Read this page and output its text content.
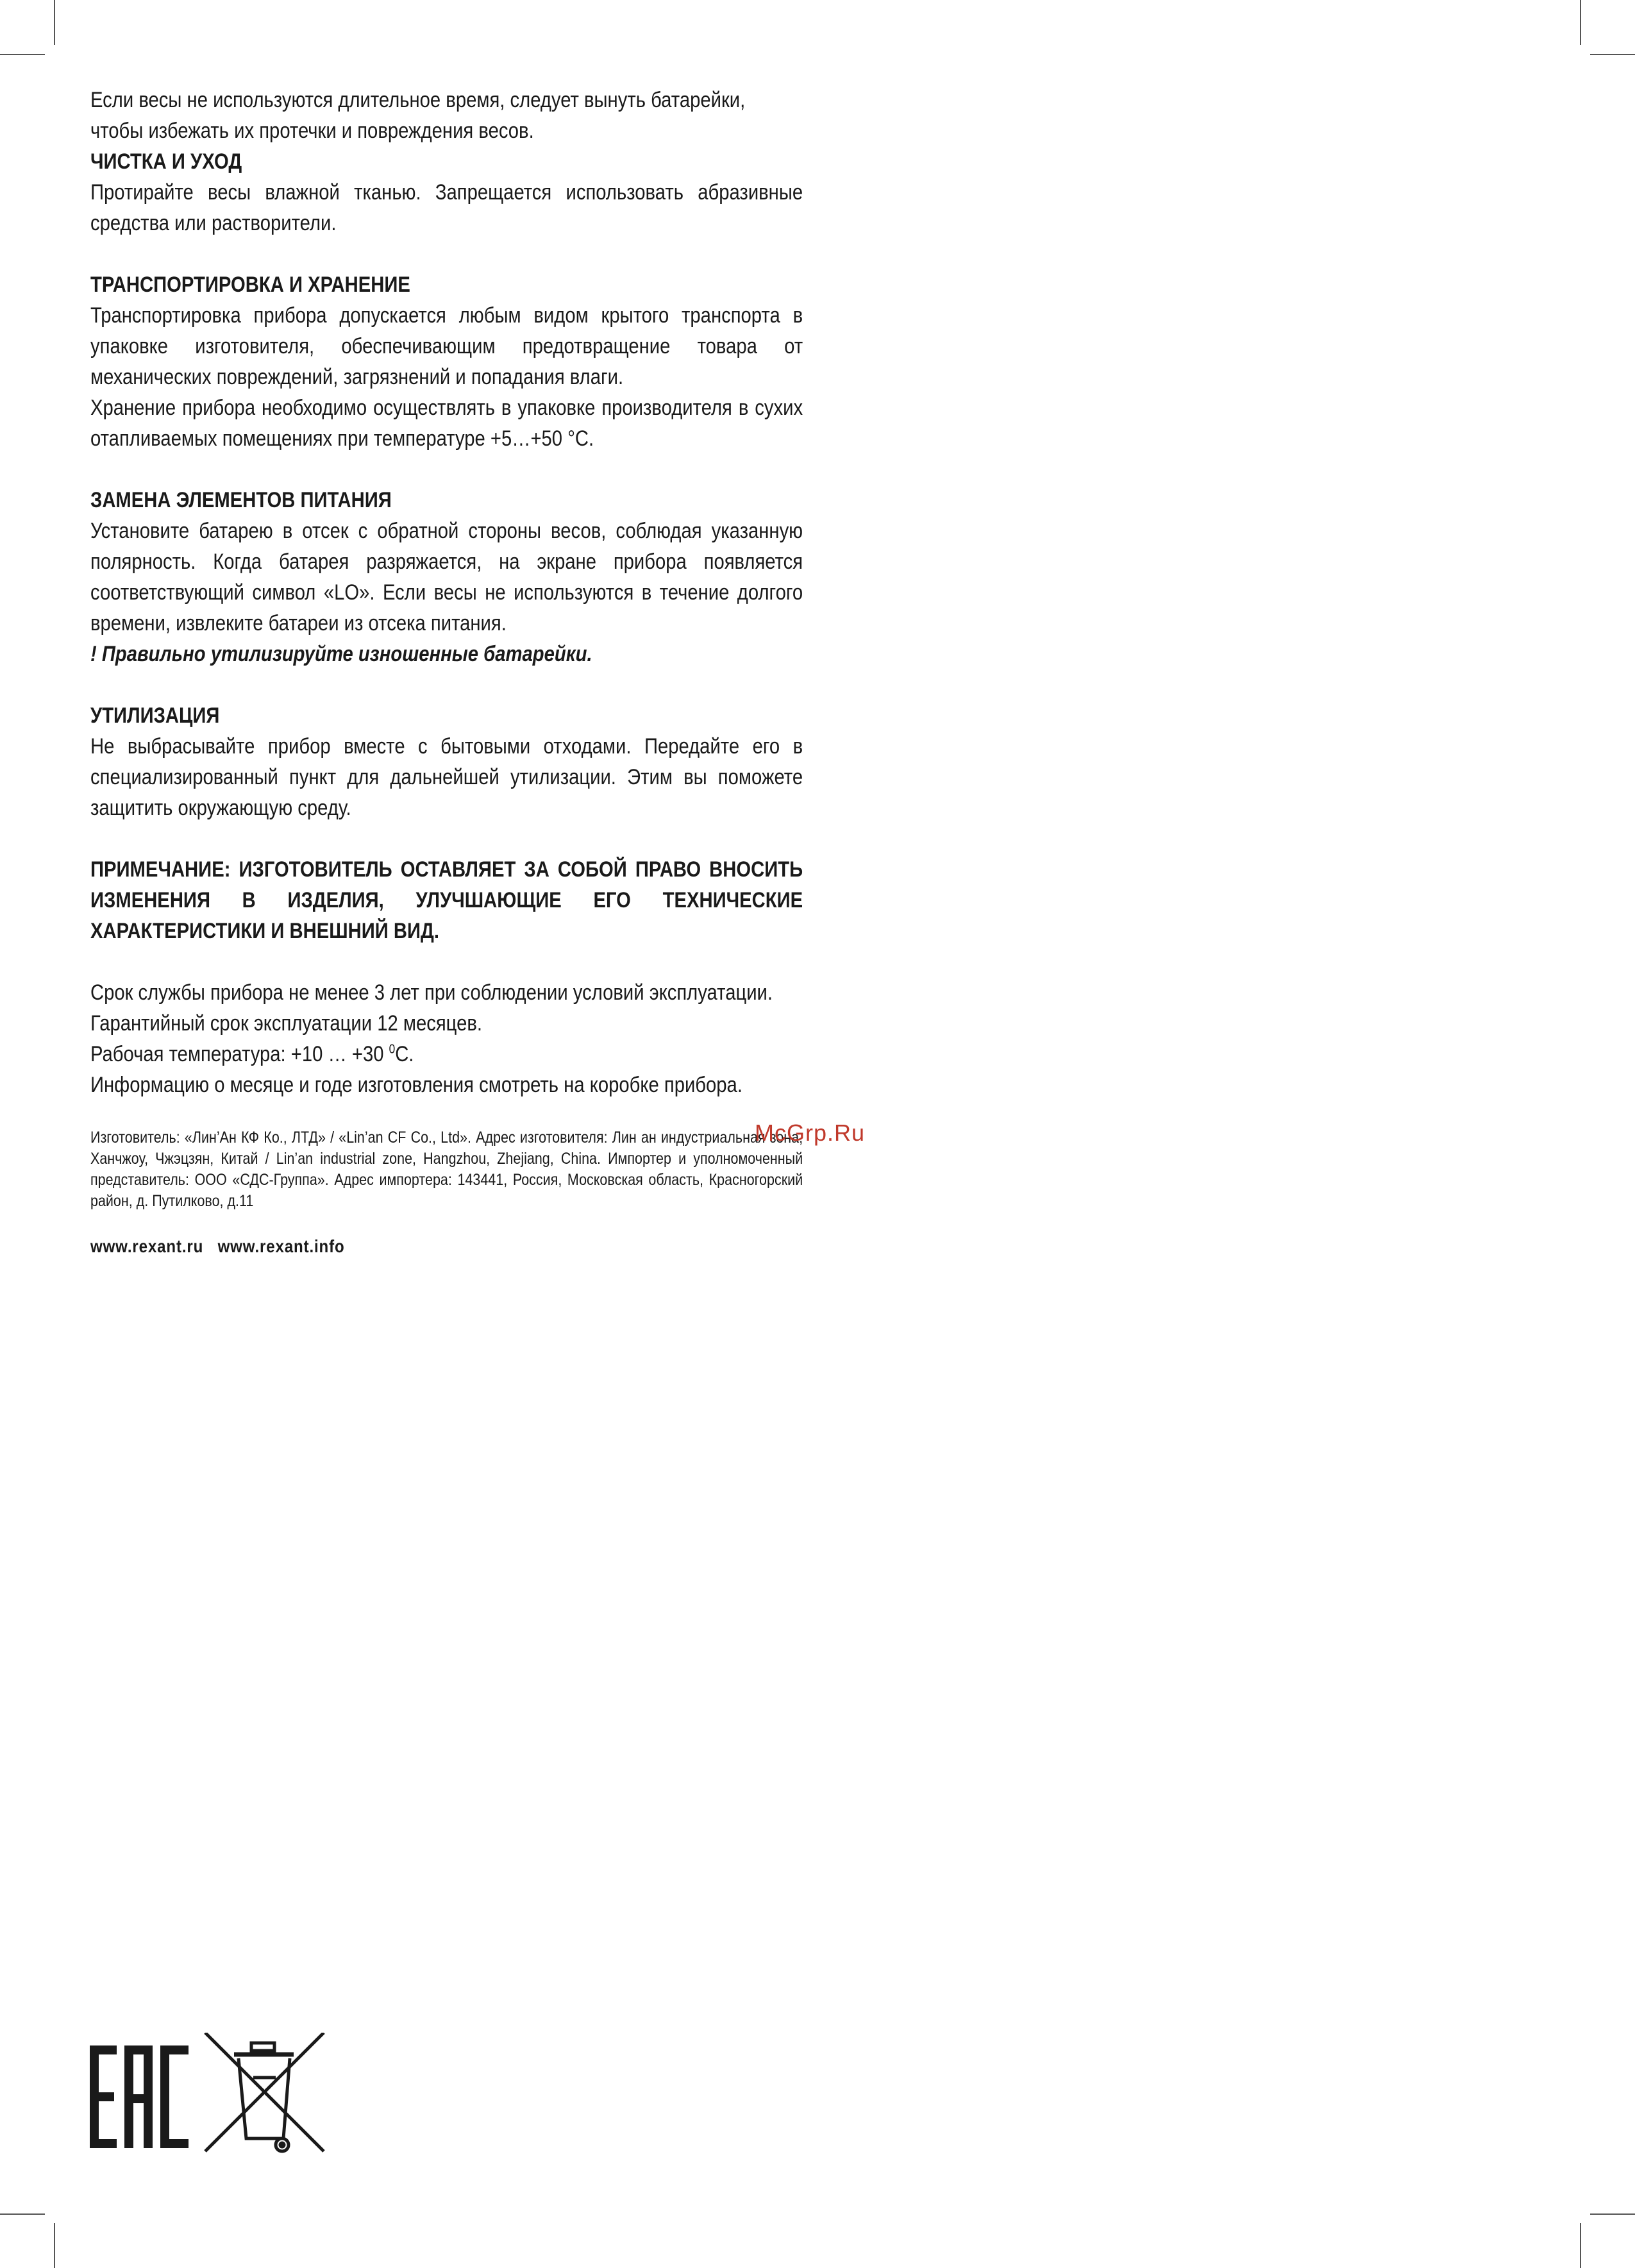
Если весы не используются длительное время, следует вынуть батарейки,

чтобы избежать их протечки и повреждения весов.

ЧИСТКА И УХОД

Протирайте весы влажной тканью. Запрещается использовать абразивные средства или растворители.

ТРАНСПОРТИРОВКА И ХРАНЕНИЕ

Транспортировка прибора допускается любым видом крытого транспорта в упаковке изготовителя, обеспечивающим предотвращение товара от механических повреждений, загрязнений и попадания влаги.

Хранение прибора необходимо осуществлять в упаковке производителя в сухих отапливаемых помещениях при температуре +5…+50 °С.

ЗАМЕНА ЭЛЕМЕНТОВ ПИТАНИЯ

Установите батарею в отсек с обратной стороны весов, соблюдая указанную полярность. Когда батарея разряжается, на экране прибора появляется соответствующий символ «LO». Если весы не используются в течение долгого времени, извлеките батареи из отсека питания.

! Правильно утилизируйте изношенные батарейки.

УТИЛИЗАЦИЯ

Не выбрасывайте прибор вместе с бытовыми отходами. Передайте его в специализированный пункт для дальнейшей утилизации. Этим вы поможете защитить окружающую среду.

ПРИМЕЧАНИЕ: ИЗГОТОВИТЕЛЬ ОСТАВЛЯЕТ ЗА СОБОЙ ПРАВО ВНОСИТЬ ИЗМЕНЕНИЯ В ИЗДЕЛИЯ, УЛУЧШАЮЩИЕ ЕГО ТЕХНИЧЕСКИЕ ХАРАКТЕРИСТИКИ И ВНЕШНИЙ ВИД.

Срок службы прибора не менее 3 лет при соблюдении условий эксплуатации.

Гарантийный срок эксплуатации 12 месяцев.

Рабочая температура: +10 … +30 $^0$С.

Информацию о месяце и годе изготовления смотреть на коробке прибора.

Изготовитель: «Лин’Ан КФ Ко., ЛТД» / «Lin’an CF Co., Ltd». Адрес изготовителя: Лин ан индустриальная зона, Ханчжоу, Чжэцзян, Китай / Lin’an industrial zone, Hangzhou, Zhejiang, China. Импортер и уполномоченный представитель: ООО «СДС-Группа». Адрес импортера: 143441, Россия, Московская область, Красногорский район, д. Путилково, д.11

www.rexant.ru www.rexant.info

McGrp.Ru
